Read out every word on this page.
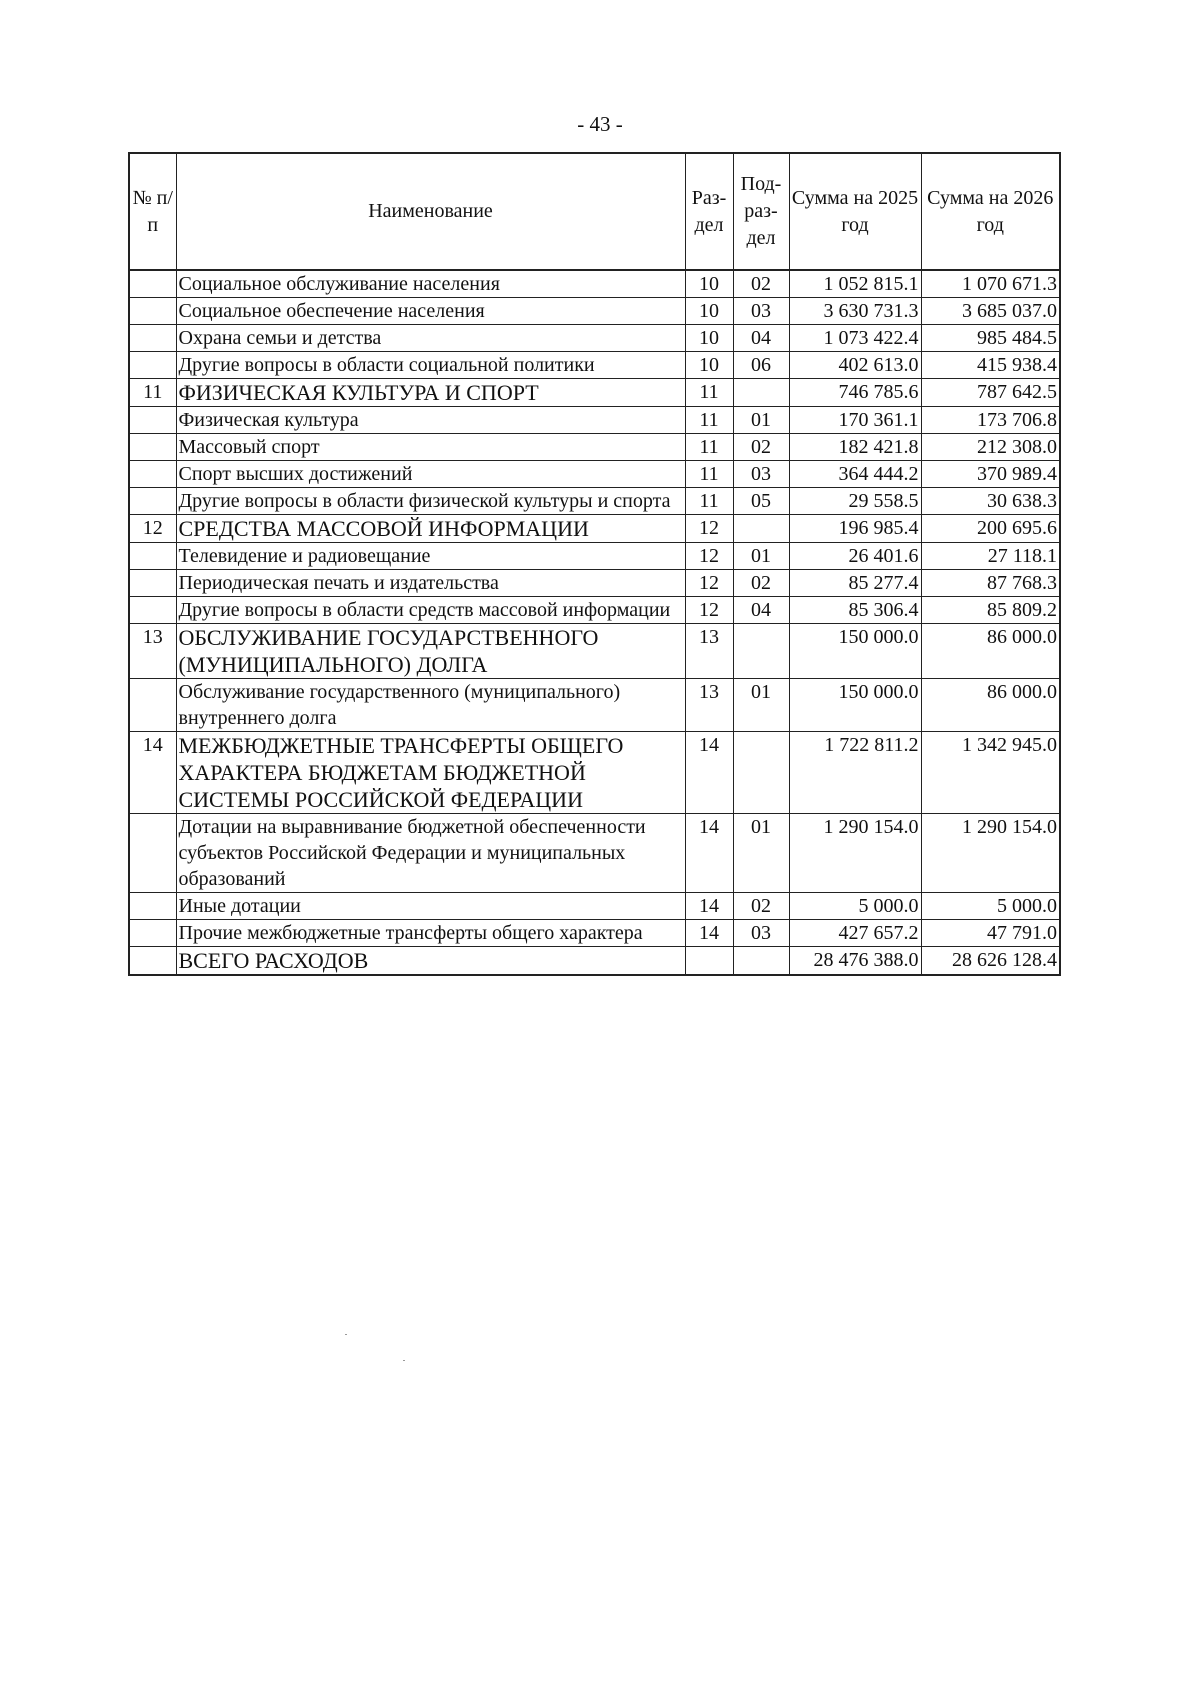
- 43 -
№ п/п	Наименование	Раз-дел	Под-раз-дел	Сумма на 2025 год	Сумма на 2026 год
	Социальное обслуживание населения	10	02	1 052 815.1	1 070 671.3
	Социальное обеспечение населения	10	03	3 630 731.3	3 685 037.0
	Охрана семьи и детства	10	04	1 073 422.4	985 484.5
	Другие вопросы в области социальной политики	10	06	402 613.0	415 938.4
11	ФИЗИЧЕСКАЯ КУЛЬТУРА И СПОРТ	11		746 785.6	787 642.5
	Физическая культура	11	01	170 361.1	173 706.8
	Массовый спорт	11	02	182 421.8	212 308.0
	Спорт высших достижений	11	03	364 444.2	370 989.4
	Другие вопросы в области физической культуры и спорта	11	05	29 558.5	30 638.3
12	СРЕДСТВА МАССОВОЙ ИНФОРМАЦИИ	12		196 985.4	200 695.6
	Телевидение и радиовещание	12	01	26 401.6	27 118.1
	Периодическая печать и издательства	12	02	85 277.4	87 768.3
	Другие вопросы в области средств массовой информации	12	04	85 306.4	85 809.2
13	ОБСЛУЖИВАНИЕ ГОСУДАРСТВЕННОГО (МУНИЦИПАЛЬНОГО) ДОЛГА	13		150 000.0	86 000.0
	Обслуживание государственного (муниципального) внутреннего долга	13	01	150 000.0	86 000.0
14	МЕЖБЮДЖЕТНЫЕ ТРАНСФЕРТЫ ОБЩЕГО ХАРАКТЕРА БЮДЖЕТАМ БЮДЖЕТНОЙ СИСТЕМЫ РОССИЙСКОЙ ФЕДЕРАЦИИ	14		1 722 811.2	1 342 945.0
	Дотации на выравнивание бюджетной обеспеченности субъектов Российской Федерации и муниципальных образований	14	01	1 290 154.0	1 290 154.0
	Иные дотации	14	02	5 000.0	5 000.0
	Прочие межбюджетные трансферты общего характера	14	03	427 657.2	47 791.0
	ВСЕГО РАСХОДОВ			28 476 388.0	28 626 128.4
